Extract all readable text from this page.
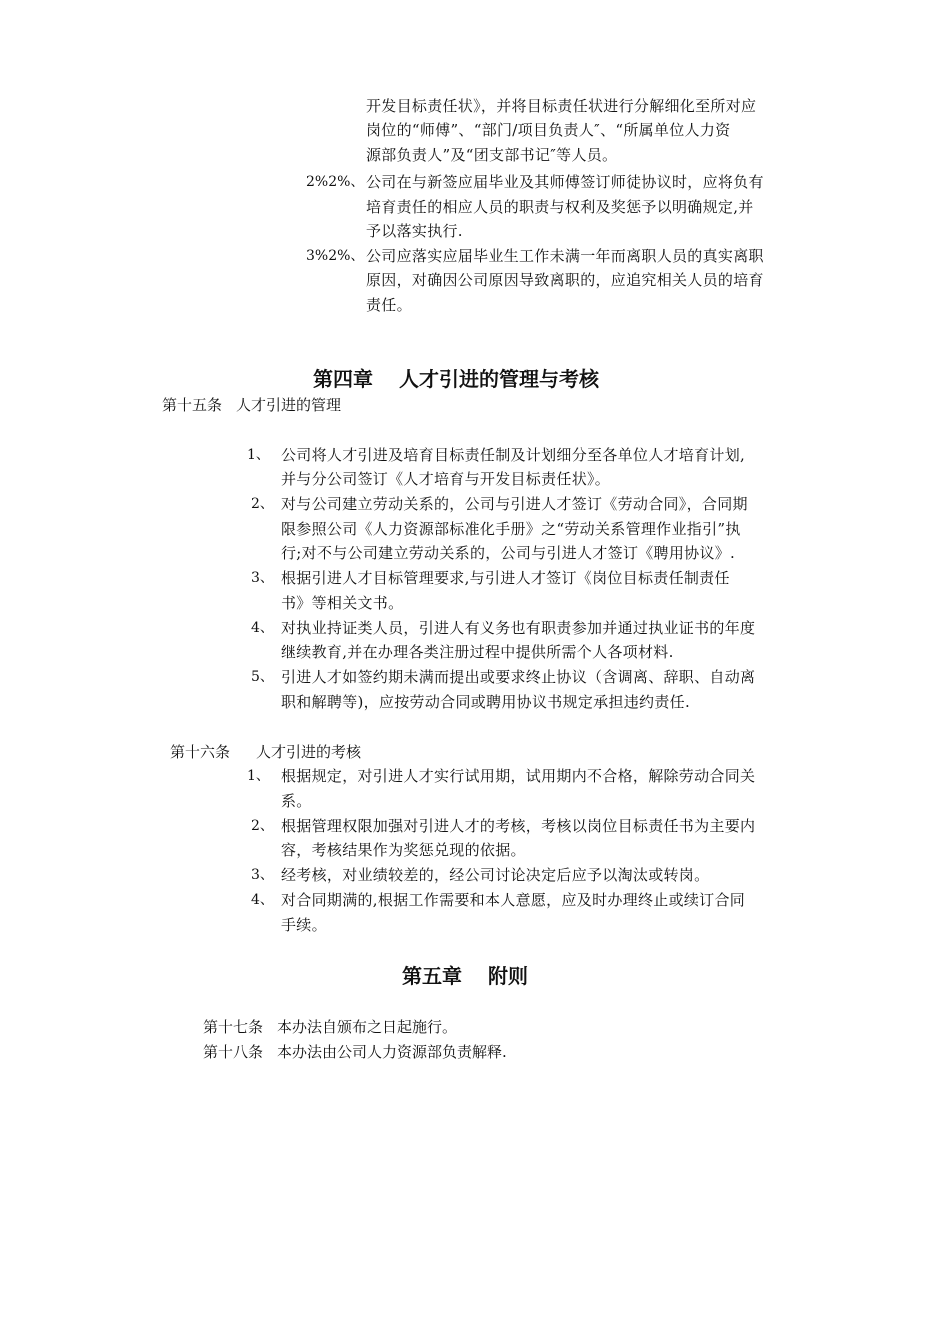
开发目标责任状》，并将目标责任状进行分解细化至所对应
岗位的“师傅”、“部门/项目负责人″、“所属单位人力资
源部负责人”及“团支部书记″等人员。
2%2%、 公司在与新签应届毕业及其师傅签订师徒协议时，应将负有
培育责任的相应人员的职责与权利及奖惩予以明确规定,并
予以落实执行.
3%2%、 公司应落实应届毕业生工作未满一年而离职人员的真实离职
原因，对确因公司原因导致离职的，应追究相关人员的培育
责任。
第四章 人才引进的管理与考核
第十五条 人才引进的管理
1、 公司将人才引进及培育目标责任制及计划细分至各单位人才培育计划,
并与分公司签订《人才培育与开发目标责任状》。
2、 对与公司建立劳动关系的，公司与引进人才签订《劳动合同》，合同期
限参照公司《人力资源部标准化手册》之“劳动关系管理作业指引”执
行;对不与公司建立劳动关系的，公司与引进人才签订《聘用协议》.
3、 根据引进人才目标管理要求,与引进人才签订《岗位目标责任制责任
书》等相关文书。
4、 对执业持证类人员，引进人有义务也有职责参加并通过执业证书的年度
继续教育,并在办理各类注册过程中提供所需个人各项材料.
5、 引进人才如签约期未满而提出或要求终止协议（含调离、辞职、自动离
职和解聘等)，应按劳动合同或聘用协议书规定承担违约责任.
第十六条 人才引进的考核
1、 根据规定，对引进人才实行试用期，试用期内不合格，解除劳动合同关
系。
2、 根据管理权限加强对引进人才的考核，考核以岗位目标责任书为主要内
容，考核结果作为奖惩兑现的依据。
3、 经考核，对业绩较差的，经公司讨论决定后应予以淘汰或转岗。
4、 对合同期满的,根据工作需要和本人意愿，应及时办理终止或续订合同
手续。
第五章 附则
第十七条 本办法自颁布之日起施行。
第十八条 本办法由公司人力资源部负责解释.
